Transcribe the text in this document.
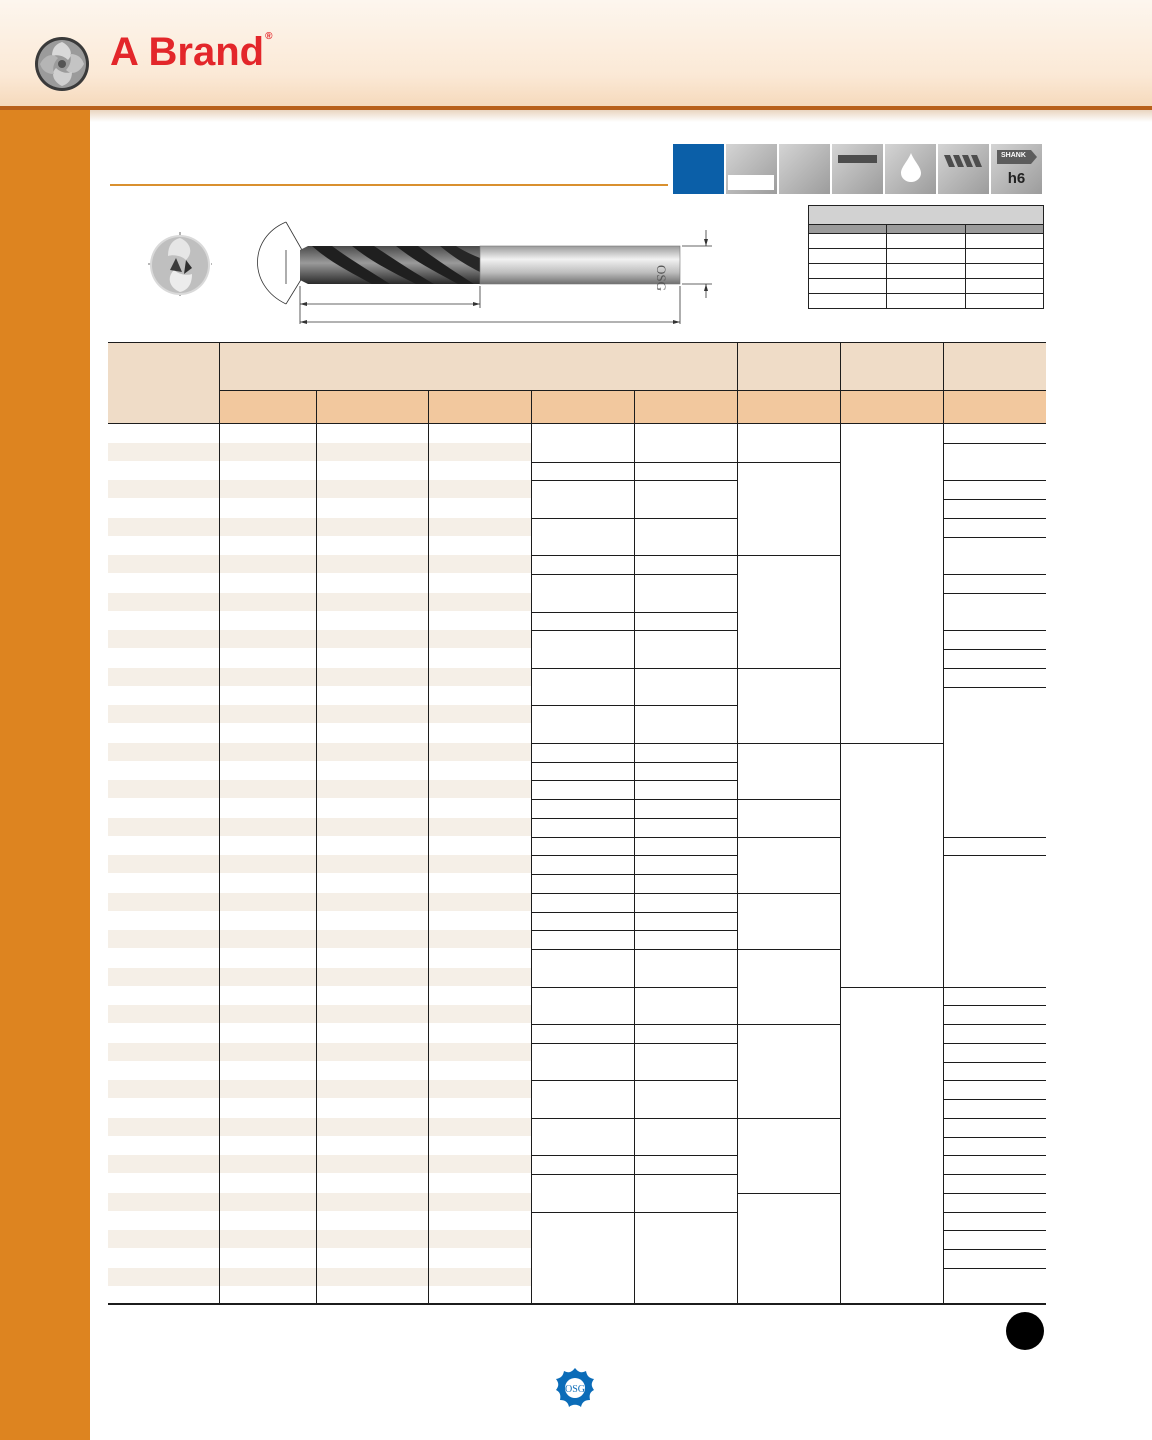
A Brand®
SHANK
h6
OSG

OSG
